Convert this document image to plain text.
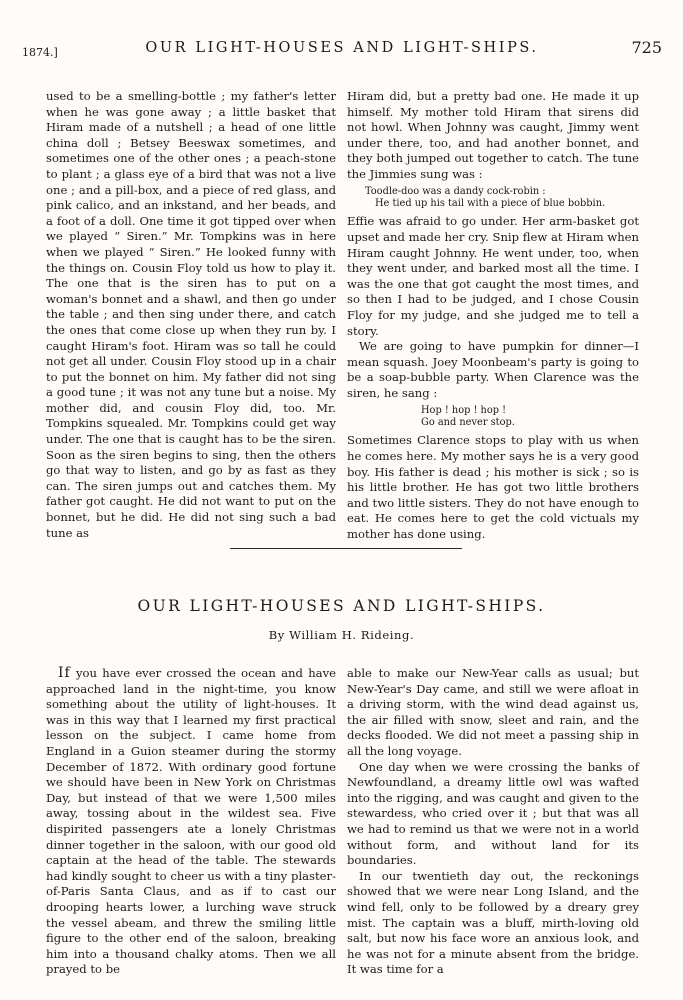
1874.]	OUR LIGHT-HOUSES AND LIGHT-SHIPS.	725

used to be a smelling-bottle ; my father's letter when he was gone away ; a little basket that Hiram made of a nutshell ; a head of one little china doll ; Betsey Beeswax sometimes, and sometimes one of the other ones ; a peach-stone to plant ; a glass eye of a bird that was not a live one ; and a pill-box, and a piece of red glass, and pink calico, and an inkstand, and her beads, and a foot of a doll. One time it got tipped over when we played “ Siren.” Mr. Tompkins was in here when we played “ Siren.” He looked funny with the things on. Cousin Floy told us how to play it. The one that is the siren has to put on a woman's bonnet and a shawl, and then go under the table ; and then sing under there, and catch the ones that come close up when they run by. I caught Hiram's foot. Hiram was so tall he could not get all under. Cousin Floy stood up in a chair to put the bonnet on him. My father did not sing a good tune ; it was not any tune but a noise. My mother did, and cousin Floy did, too. Mr. Tompkins squealed. Mr. Tompkins could get way under. The one that is caught has to be the siren. Soon as the siren begins to sing, then the others go that way to listen, and go by as fast as they can. The siren jumps out and catches them. My father got caught. He did not want to put on the bonnet, but he did. He did not sing such a bad tune as

Hiram did, but a pretty bad one. He made it up himself. My mother told Hiram that sirens did not howl. When Johnny was caught, Jimmy went under there, too, and had another bonnet, and they both jumped out together to catch. The tune the Jimmies sung was :

Toodle-doo was a dandy cock-robin :
He tied up his tail with a piece of blue bobbin.

Effie was afraid to go under. Her arm-basket got upset and made her cry. Snip flew at Hiram when Hiram caught Johnny. He went under, too, when they went under, and barked most all the time. I was the one that got caught the most times, and so then I had to be judged, and I chose Cousin Floy for my judge, and she judged me to tell a story.

We are going to have pumpkin for dinner—I mean squash. Joey Moonbeam's party is going to be a soap-bubble party. When Clarence was the siren, he sang :

Hop ! hop ! hop !
Go and never stop.

Sometimes Clarence stops to play with us when he comes here. My mother says he is a very good boy. His father is dead ; his mother is sick ; so is his little brother. He has got two little brothers and two little sisters. They do not have enough to eat. He comes here to get the cold victuals my mother has done using.

OUR LIGHT-HOUSES AND LIGHT-SHIPS.
By William H. Rideing.

If you have ever crossed the ocean and have approached land in the night-time, you know something about the utility of light-houses. It was in this way that I learned my first practical lesson on the subject. I came home from England in a Guion steamer during the stormy December of 1872. With ordinary good fortune we should have been in New York on Christmas Day, but instead of that we were 1,500 miles away, tossing about in the wildest sea. Five dispirited passengers ate a lonely Christmas dinner together in the saloon, with our good old captain at the head of the table. The stewards had kindly sought to cheer us with a tiny plaster-of-Paris Santa Claus, and as if to cast our drooping hearts lower, a lurching wave struck the vessel abeam, and threw the smiling little figure to the other end of the saloon, breaking him into a thousand chalky atoms. Then we all prayed to be

able to make our New-Year calls as usual; but New-Year's Day came, and still we were afloat in a driving storm, with the wind dead against us, the air filled with snow, sleet and rain, and the decks flooded. We did not meet a passing ship in all the long voyage.

One day when we were crossing the banks of Newfoundland, a dreamy little owl was wafted into the rigging, and was caught and given to the stewardess, who cried over it ; but that was all we had to remind us that we were not in a world without form, and without land for its boundaries.

In our twentieth day out, the reckonings showed that we were near Long Island, and the wind fell, only to be followed by a dreary grey mist. The captain was a bluff, mirth-loving old salt, but now his face wore an anxious look, and he was not for a minute absent from the bridge. It was time for a
